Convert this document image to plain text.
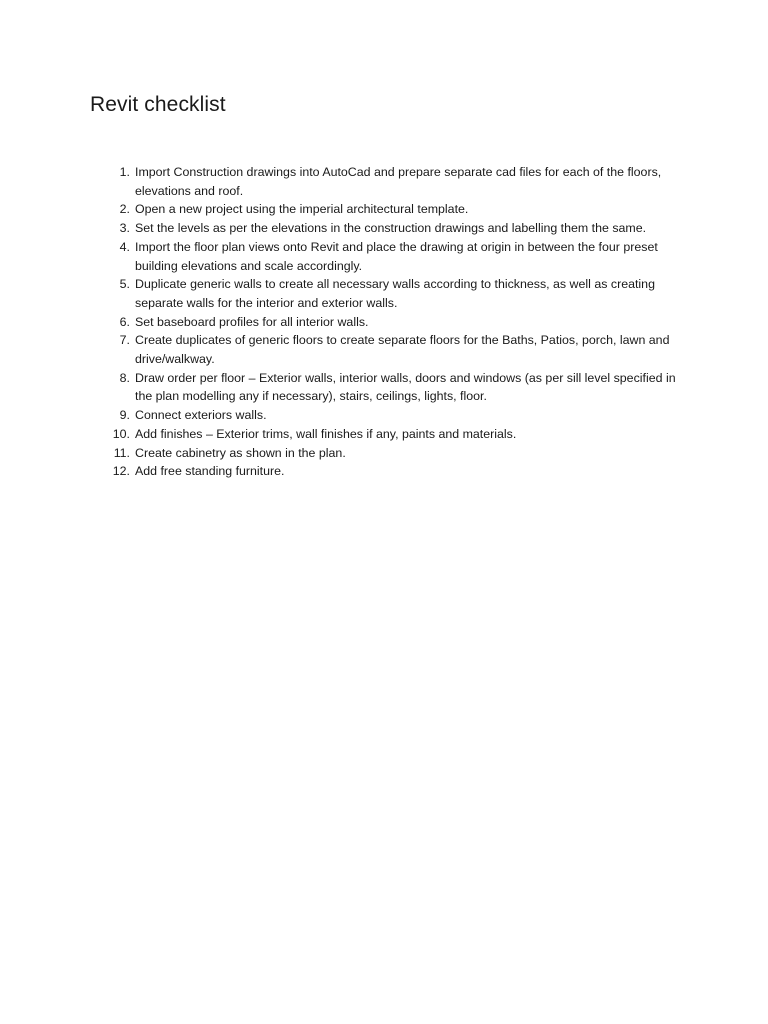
Revit checklist
1. Import Construction drawings into AutoCad and prepare separate cad files for each of the floors, elevations and roof.
2. Open a new project using the imperial architectural template.
3. Set the levels as per the elevations in the construction drawings and labelling them the same.
4. Import the floor plan views onto Revit and place the drawing at origin in between the four preset building elevations and scale accordingly.
5. Duplicate generic walls to create all necessary walls according to thickness, as well as creating separate walls for the interior and exterior walls.
6. Set baseboard profiles for all interior walls.
7. Create duplicates of generic floors to create separate floors for the Baths, Patios, porch, lawn and drive/walkway.
8. Draw order per floor – Exterior walls, interior walls, doors and windows (as per sill level specified in the plan modelling any if necessary), stairs, ceilings, lights, floor.
9. Connect exteriors walls.
10. Add finishes – Exterior trims, wall finishes if any, paints and materials.
11. Create cabinetry as shown in the plan.
12. Add free standing furniture.
